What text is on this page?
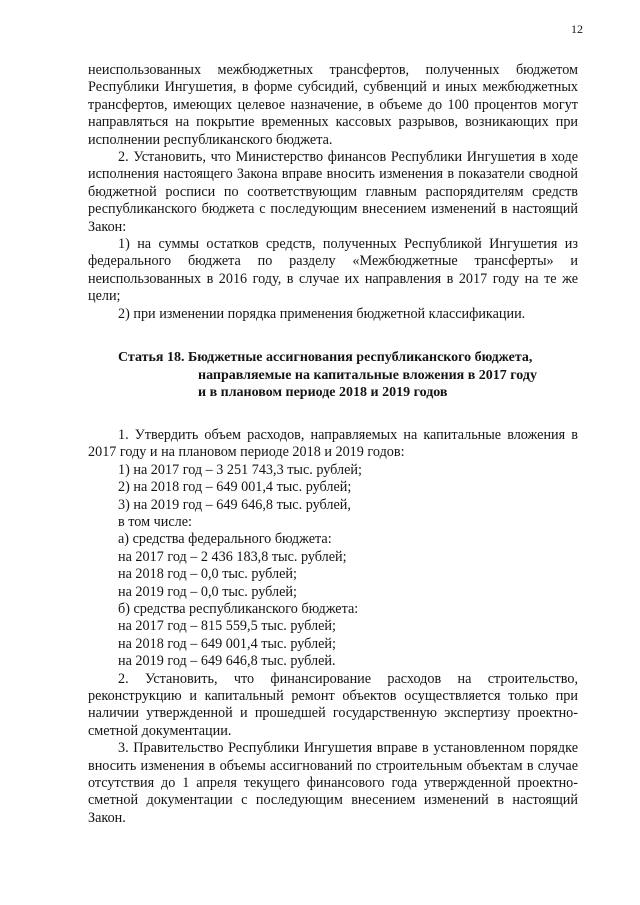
12

неиспользованных межбюджетных трансфертов, полученных бюджетом Республики Ингушетия, в форме субсидий, субвенций и иных межбюджетных трансфертов, имеющих целевое назначение, в объеме до 100 процентов могут направляться на покрытие временных кассовых разрывов, возникающих при исполнении республиканского бюджета.

2. Установить, что Министерство финансов Республики Ингушетия в ходе исполнения настоящего Закона вправе вносить изменения в показатели сводной бюджетной росписи по соответствующим главным распорядителям средств республиканского бюджета с последующим внесением изменений в настоящий Закон:

1) на суммы остатков средств, полученных Республикой Ингушетия из федерального бюджета по разделу «Межбюджетные трансферты» и неиспользованных в 2016 году, в случае их направления в 2017 году на те же цели;

2) при изменении порядка применения бюджетной классификации.

Статья 18. Бюджетные ассигнования республиканского бюджета,
направляемые на капитальные вложения в 2017 году
и в плановом периоде 2018 и 2019 годов

1. Утвердить объем расходов, направляемых на капитальные вложения в 2017 году и на плановом периоде 2018 и 2019 годов:

1) на 2017 год – 3 251 743,3 тыс. рублей;

2) на 2018 год – 649 001,4 тыс. рублей;

3) на 2019 год – 649 646,8 тыс. рублей,

в том числе:

а) средства федерального бюджета:

на 2017 год – 2 436 183,8 тыс. рублей;

на 2018 год – 0,0 тыс. рублей;

на 2019 год – 0,0 тыс. рублей;

б) средства республиканского бюджета:

на 2017 год – 815 559,5 тыс. рублей;

на 2018 год – 649 001,4 тыс. рублей;

на 2019 год – 649 646,8 тыс. рублей.

2. Установить, что финансирование расходов на строительство, реконструкцию и капитальный ремонт объектов осуществляется только при наличии утвержденной и прошедшей государственную экспертизу проектно-сметной документации.

3. Правительство Республики Ингушетия вправе в установленном порядке вносить изменения в объемы ассигнований по строительным объектам в случае отсутствия до 1 апреля текущего финансового года утвержденной проектно-сметной документации с последующим внесением изменений в настоящий Закон.
